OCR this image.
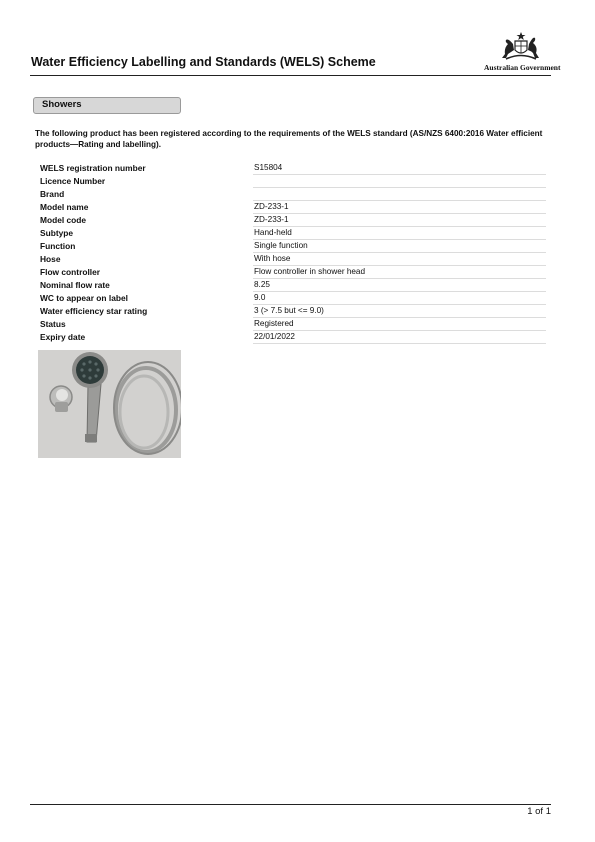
Water Efficiency Labelling and Standards (WELS) Scheme	Australian Government
Showers
The following product has been registered according to the requirements of the WELS standard (AS/NZS 6400:2016 Water efficient products—Rating and labelling).
WELS registration number	S15804
Licence Number
Brand
Model name	ZD-233-1
Model code	ZD-233-1
Subtype	Hand-held
Function	Single function
Hose	With hose
Flow controller	Flow controller in shower head
Nominal flow rate	8.25
WC to appear on label	9.0
Water efficiency star rating	3 (> 7.5 but <= 9.0)
Status	Registered
Expiry date	22/01/2022
1 of 1
